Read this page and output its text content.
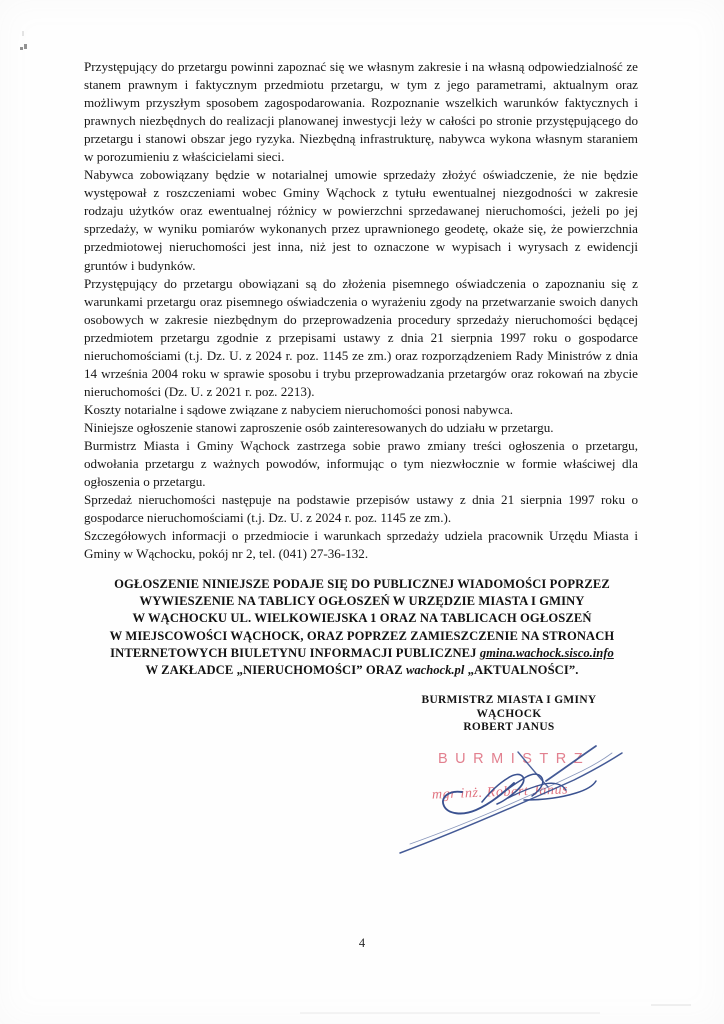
Przystępujący do przetargu powinni zapoznać się we własnym zakresie i na własną odpowiedzialność ze stanem prawnym i faktycznym przedmiotu przetargu, w tym z jego parametrami, aktualnym oraz możliwym przyszłym sposobem zagospodarowania. Rozpoznanie wszelkich warunków faktycznych i prawnych niezbędnych do realizacji planowanej inwestycji leży w całości po stronie przystępującego do przetargu i stanowi obszar jego ryzyka. Niezbędną infrastrukturę, nabywca wykona własnym staraniem w porozumieniu z właścicielami sieci.

Nabywca zobowiązany będzie w notarialnej umowie sprzedaży złożyć oświadczenie, że nie będzie występował z roszczeniami wobec Gminy Wąchock z tytułu ewentualnej niezgodności w zakresie rodzaju użytków oraz ewentualnej różnicy w powierzchni sprzedawanej nieruchomości, jeżeli po jej sprzedaży, w wyniku pomiarów wykonanych przez uprawnionego geodetę, okaże się, że powierzchnia przedmiotowej nieruchomości jest inna, niż jest to oznaczone w wypisach i wyrysach z ewidencji gruntów i budynków.

Przystępujący do przetargu obowiązani są do złożenia pisemnego oświadczenia o zapoznaniu się z warunkami przetargu oraz pisemnego oświadczenia o wyrażeniu zgody na przetwarzanie swoich danych osobowych w zakresie niezbędnym do przeprowadzenia procedury sprzedaży nieruchomości będącej przedmiotem przetargu zgodnie z przepisami ustawy z dnia 21 sierpnia 1997 roku o gospodarce nieruchomościami (t.j. Dz. U. z 2024 r. poz. 1145 ze zm.) oraz rozporządzeniem Rady Ministrów z dnia 14 września 2004 roku w sprawie sposobu i trybu przeprowadzania przetargów oraz rokowań na zbycie nieruchomości (Dz. U. z 2021 r. poz. 2213).

Koszty notarialne i sądowe związane z nabyciem nieruchomości ponosi nabywca.

Niniejsze ogłoszenie stanowi zaproszenie osób zainteresowanych do udziału w przetargu.

Burmistrz Miasta i Gminy Wąchock zastrzega sobie prawo zmiany treści ogłoszenia o przetargu, odwołania przetargu z ważnych powodów, informując o tym niezwłocznie w formie właściwej dla ogłoszenia o przetargu.

Sprzedaż nieruchomości następuje na podstawie przepisów ustawy z dnia 21 sierpnia 1997 roku o gospodarce nieruchomościami (t.j. Dz. U. z 2024 r. poz. 1145 ze zm.).

Szczegółowych informacji o przedmiocie i warunkach sprzedaży udziela pracownik Urzędu Miasta i Gminy w Wąchocku, pokój nr 2, tel. (041) 27-36-132.

OGŁOSZENIE NINIEJSZE PODAJE SIĘ DO PUBLICZNEJ WIADOMOŚCI POPRZEZ
WYWIESZENIE NA TABLICY OGŁOSZEŃ W URZĘDZIE MIASTA I GMINY
W WĄCHOCKU UL. WIELKOWIEJSKA 1 ORAZ NA TABLICACH OGŁOSZEŃ
W MIEJSCOWOŚCI WĄCHOCK, ORAZ POPRZEZ ZAMIESZCZENIE NA STRONACH
INTERNETOWYCH BIULETYNU INFORMACJI PUBLICZNEJ gmina.wachock.sisco.info
W ZAKŁADCE „NIERUCHOMOŚCI” ORAZ wachock.pl „AKTUALNOŚCI”.
BURMISTRZ MIASTA I GMINY
WĄCHOCK
ROBERT JANUS
BURMISTRZ
mgr inż. Robert Janus
4
